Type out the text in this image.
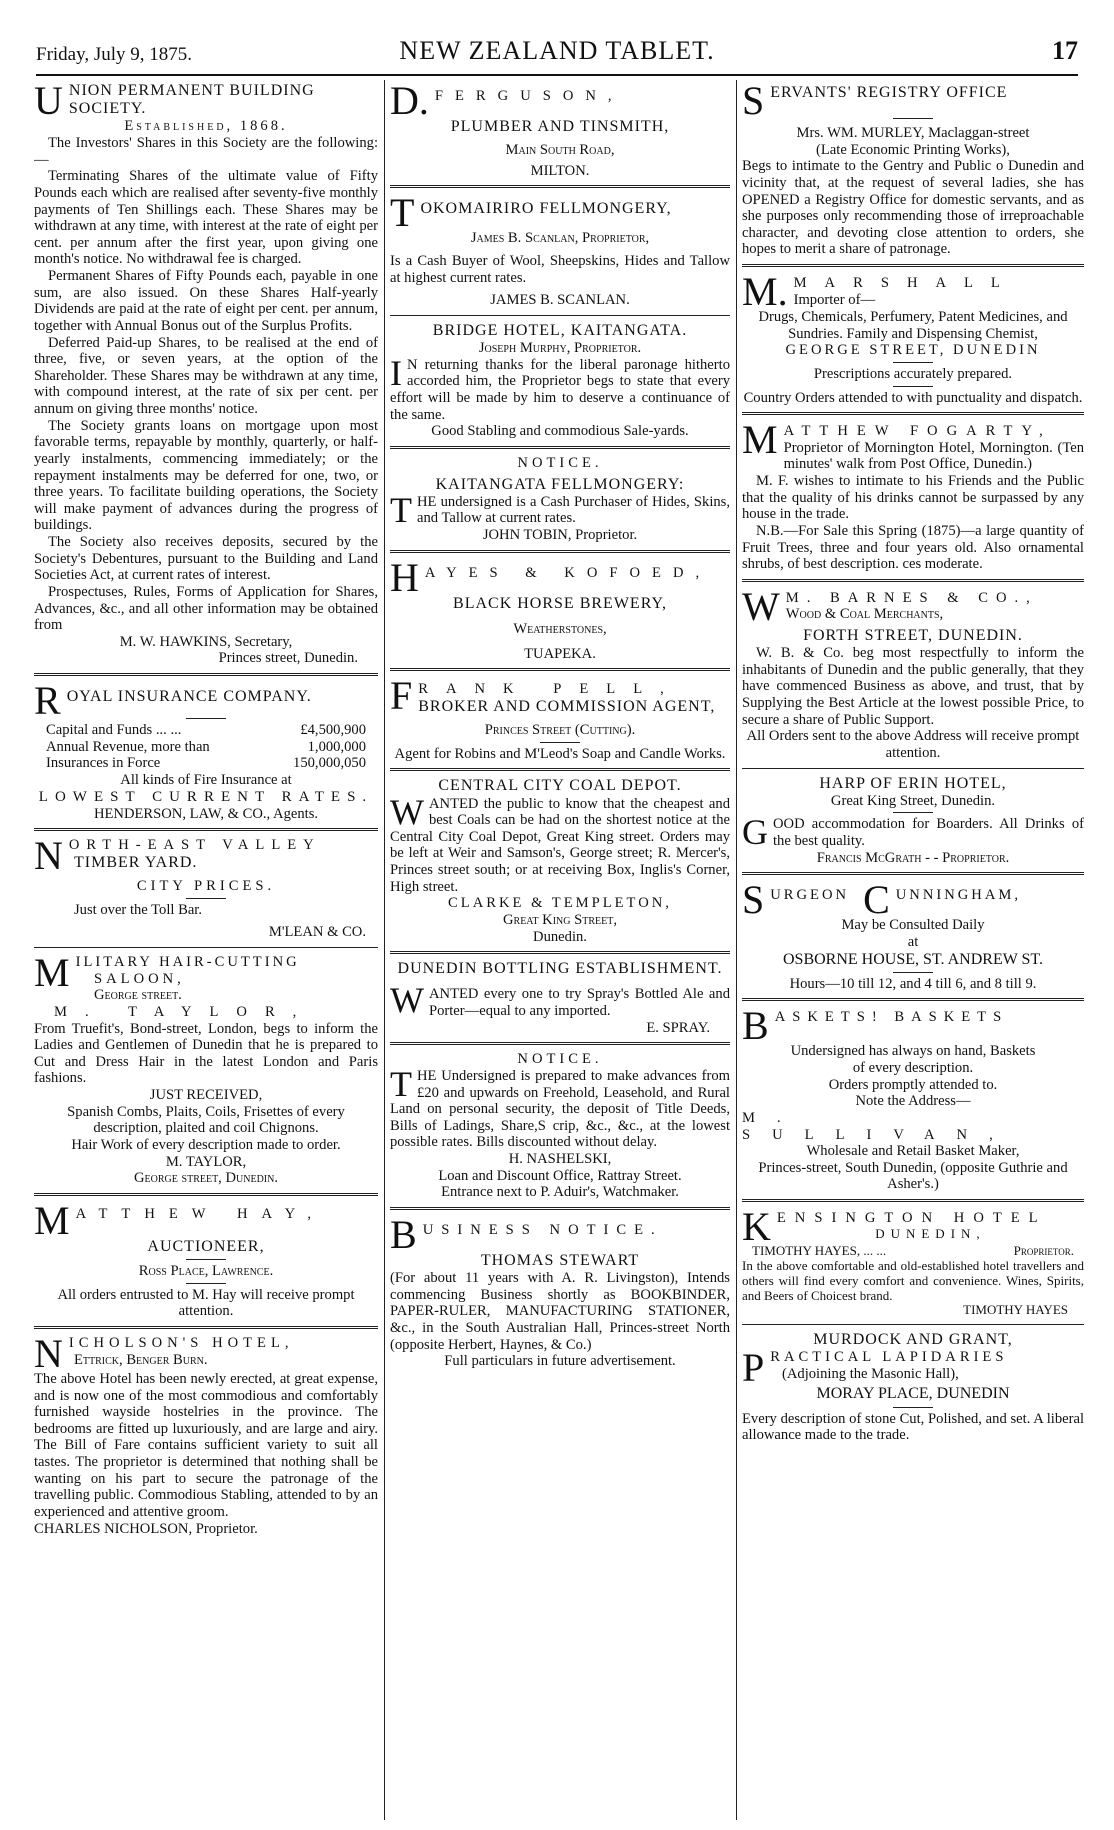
Friday, July 9, 1875.	NEW ZEALAND TABLET.	17
U NION PERMANENT BUILDING SOCIETY.
Established, 1868.

The Investors' Shares in this Society are the following:—

Terminating Shares of the ultimate value of Fifty Pounds each which are realised after seventy-five monthly payments of Ten Shillings each. These Shares may be withdrawn at any time, with interest at the rate of eight per cent. per annum after the first year, upon giving one month's notice. No withdrawal fee is charged.

Permanent Shares of Fifty Pounds each, payable in one sum, are also issued. On these Shares Half-yearly Dividends are paid at the rate of eight per cent. per annum, together with Annual Bonus out of the Surplus Profits.

Deferred Paid-up Shares, to be realised at the end of three, five, or seven years, at the option of the Shareholder. These Shares may be withdrawn at any time, with compound interest, at the rate of six per cent. per annum on giving three months' notice.

The Society grants loans on mortgage upon most favorable terms, repayable by monthly, quarterly, or half-yearly instalments, commencing immediately; or the repayment instalments may be deferred for one, two, or three years. To facilitate building operations, the Society will make payment of advances during the progress of buildings.

The Society also receives deposits, secured by the Society's Debentures, pursuant to the Building and Land Societies Act, at current rates of interest.

Prospectuses, Rules, Forms of Application for Shares, Advances, &c., and all other information may be obtained from

M. W. HAWKINS, Secretary,
Princes street, Dunedin.
R OYAL INSURANCE COMPANY.
Capital and Funds ... ...	£4,500,900
Annual Revenue, more than	1,000,000
Insurances in Force	150,000,050
All kinds of Fire Insurance at
LOWEST CURRENT RATES.
HENDERSON, LAW, & CO., Agents.
N ORTH-EAST VALLEY
TIMBER YARD.
CITY PRICES.
Just over the Toll Bar.
M'LEAN & CO.
M ILITARY HAIR-CUTTING
SALOON,
George street.
M. TAYLOR,

From Truefit's, Bond-street, London, begs to inform the Ladies and Gentlemen of Dunedin that he is prepared to Cut and Dress Hair in the latest London and Paris fashions.

JUST RECEIVED,

Spanish Combs, Plaits, Coils, Frisettes of every description, plaited and coil Chignons.

Hair Work of every description made to order.

M. TAYLOR,
George street, Dunedin.
M ATTHEW HAY,
AUCTIONEER,
Ross Place, Lawrence.

All orders entrusted to M. Hay will receive prompt attention.

N ICHOLSON'S HOTEL,
Ettrick, Benger Burn.

The above Hotel has been newly erected, at great expense, and is now one of the most commodious and comfortably furnished wayside hostelries in the province. The bedrooms are fitted up luxuriously, and are large and airy. The Bill of Fare contains sufficient variety to suit all tastes. The proprietor is determined that nothing shall be wanting on his part to secure the patronage of the travelling public. Commodious Stabling, attended to by an experienced and attentive groom.

CHARLES NICHOLSON, Proprietor.
D. FERGUSON,
PLUMBER AND TINSMITH,
Main South Road,
MILTON.
T OKOMAIRIRO FELLMONGERY,
James B. Scanlan, Proprietor,

Is a Cash Buyer of Wool, Sheepskins, Hides and Tallow at highest current rates.

JAMES B. SCANLAN.
BRIDGE HOTEL, KAITANGATA.
Joseph Murphy, Proprietor.
I N returning thanks for the liberal paronage hitherto accorded him, the Proprietor begs to state that every effort will be made by him to deserve a continuance of the same.

Good Stabling and commodious Sale-yards.
NOTICE.
KAITANGATA FELLMONGERY:
T HE undersigned is a Cash Purchaser of Hides, Skins, and Tallow at current rates.

JOHN TOBIN, Proprietor.
H AYES & KOFOED,
BLACK HORSE BREWERY,
Weatherstones,
TUAPEKA.
F RANK PELL,
BROKER AND COMMISSION AGENT,
Princes Street (Cutting).
Agent for Robins and M'Leod's Soap and Candle Works.
CENTRAL CITY COAL DEPOT.
W ANTED the public to know that the cheapest and best Coals can be had on the shortest notice at the Central City Coal Depot, Great King street. Orders may be left at Weir and Samson's, George street; R. Mercer's, Princes street south; or at receiving Box, Inglis's Corner, High street.

CLARKE & TEMPLETON,
Great King Street,
Dunedin.
DUNEDIN BOTTLING ESTABLISHMENT.
W ANTED every one to try Spray's Bottled Ale and Porter—equal to any imported.

E. SPRAY.
NOTICE.
T HE Undersigned is prepared to make advances from £20 and upwards on Freehold, Leasehold, and Rural Land on personal security, the deposit of Title Deeds, Bills of Ladings, Share,S crip, &c., &c., at the lowest possible rates. Bills discounted without delay.

H. NASHELSKI,
Loan and Discount Office, Rattray Street.
Entrance next to P. Aduir's, Watchmaker.
B USINESS NOTICE.
THOMAS STEWART

(For about 11 years with A. R. Livingston), Intends commencing Business shortly as BOOKBINDER, PAPER-RULER, MANUFACTURING STATIONER, &c., in the South Australian Hall, Princes-street North (opposite Herbert, Haynes, & Co.)

Full particulars in future advertisement.
S ERVANTS' REGISTRY OFFICE
Mrs. WM. MURLEY, Maclaggan-street
(Late Economic Printing Works),

Begs to intimate to the Gentry and Public o Dunedin and vicinity that, at the request of several ladies, she has OPENED a Registry Office for domestic servants, and as she purposes only recommending those of irreproachable character, and devoting close attention to orders, she hopes to merit a share of patronage.

M. MARSHALL
Importer of—

Drugs, Chemicals, Perfumery, Patent Medicines, and Sundries. Family and Dispensing Chemist,

GEORGE STREET, DUNEDIN
Prescriptions accurately prepared.

Country Orders attended to with punctuality and dispatch.

M ATTHEW FOGARTY,

Proprietor of Mornington Hotel, Mornington. (Ten minutes' walk from Post Office, Dunedin.)

M. F. wishes to intimate to his Friends and the Public that the quality of his drinks cannot be surpassed by any house in the trade.

N.B.—For Sale this Spring (1875)—a large quantity of Fruit Trees, three and four years old. Also ornamental shrubs, of best description. ces moderate.

W M. BARNES & CO.,
Wood & Coal Merchants,
FORTH STREET, DUNEDIN.

W. B. & Co. beg most respectfully to inform the inhabitants of Dunedin and the public generally, that they have commenced Business as above, and trust, that by Supplying the Best Article at the lowest possible Price, to secure a share of Public Support.

All Orders sent to the above Address will receive prompt attention.

HARP OF ERIN HOTEL,
Great King Street, Dunedin.
G OOD accommodation for Boarders. All Drinks of the best quality.

Francis McGrath - - Proprietor.
S URGEON C UNNINGHAM,
May be Consulted Daily
at
OSBORNE HOUSE, ST. ANDREW ST.
Hours—10 till 12, and 4 till 6, and 8 till 9.
B ASKETS! BASKETS
Undersigned has always on hand, Baskets
of every description.
Orders promptly attended to.
Note the Address—
M. SULLIVAN,
Wholesale and Retail Basket Maker,

Princes-street, South Dunedin, (opposite Guthrie and Asher's.)

K ENSINGTON HOTEL
DUNEDIN,
TIMOTHY HAYES, ... ...	Proprietor.

In the above comfortable and old-established hotel travellers and others will find every comfort and convenience. Wines, Spirits, and Beers of Choicest brand.

TIMOTHY HAYES
MURDOCK AND GRANT,
P RACTICAL LAPIDARIES
(Adjoining the Masonic Hall),
MORAY PLACE, DUNEDIN

Every description of stone Cut, Polished, and set. A liberal allowance made to the trade.
